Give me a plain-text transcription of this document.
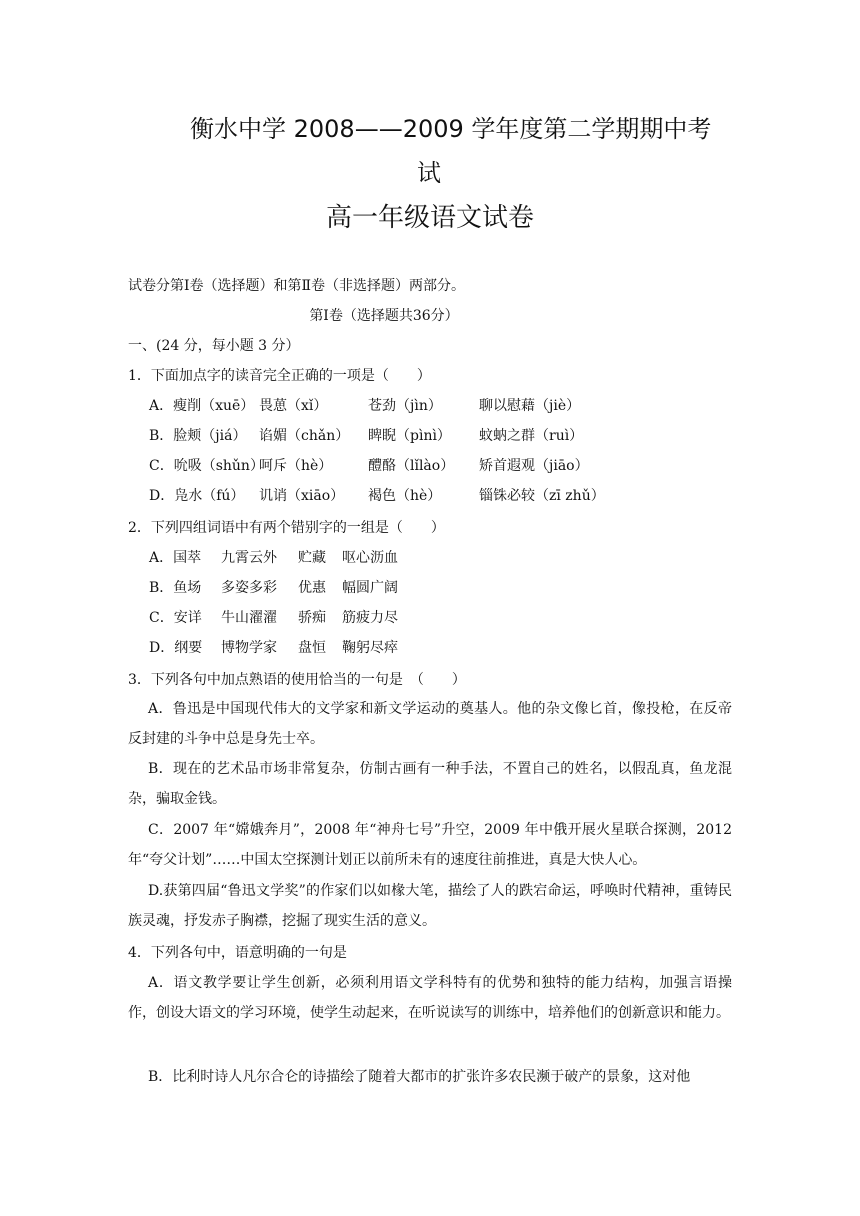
衡水中学 2008——2009 学年度第二学期期中考
试
高一年级语文试卷
试卷分第Ⅰ卷（选择题）和第Ⅱ卷（非选择题）两部分。
第Ⅰ卷（选择题共36分）
一、(24 分，每小题 3 分）
1．下面加点字的读音完全正确的一项是（　　）
A．瘦削（xuē） 畏葸（xǐ）	苍劲（jìn）	聊以慰藉（jiè）
B．脸颊（jiá） 谄媚（chǎn） 睥睨（pìnì） 蚊蚋之群（ruì）
C．吮吸（shǔn）呵斥（hè）	醴酪（lǐlào） 矫首遐观（jiāo）
D．凫水（fú） 讥诮（xiāo） 褐色（hè）	锱铢必较（zī zhǔ）
2．下列四组词语中有两个错别字的一组是（　　）
A．国萃 九霄云外 贮藏 呕心沥血
B．鱼场 多姿多彩 优惠 幅圆广阔
C．安详 牛山濯濯 骄痴 筋疲力尽
D．纲要 博物学家 盘恒 鞠躬尽瘁
3．下列各句中加点熟语的使用恰当的一句是　（　　）
A．鲁迅是中国现代伟大的文学家和新文学运动的奠基人。他的杂文像匕首，像投枪，在反帝反封建的斗争中总是身先士卒。
B．现在的艺术品市场非常复杂，仿制古画有一种手法，不置自己的姓名，以假乱真，鱼龙混杂，骗取金钱。
C．2007 年“嫦娥奔月”，2008 年“神舟七号”升空，2009 年中俄开展火星联合探测，2012 年“夸父计划”……中国太空探测计划正以前所未有的速度往前推进，真是大快人心。
D.获第四届“鲁迅文学奖”的作家们以如椽大笔，描绘了人的跌宕命运，呼唤时代精神，重铸民族灵魂，抒发赤子胸襟，挖掘了现实生活的意义。
4．下列各句中，语意明确的一句是
A．语文教学要让学生创新，必须利用语文学科特有的优势和独特的能力结构，加强言语操作，创设大语文的学习环境，使学生动起来，在听说读写的训练中，培养他们的创新意识和能力。
B．比利时诗人凡尔合仑的诗描绘了随着大都市的扩张许多农民濒于破产的景象，这对他
